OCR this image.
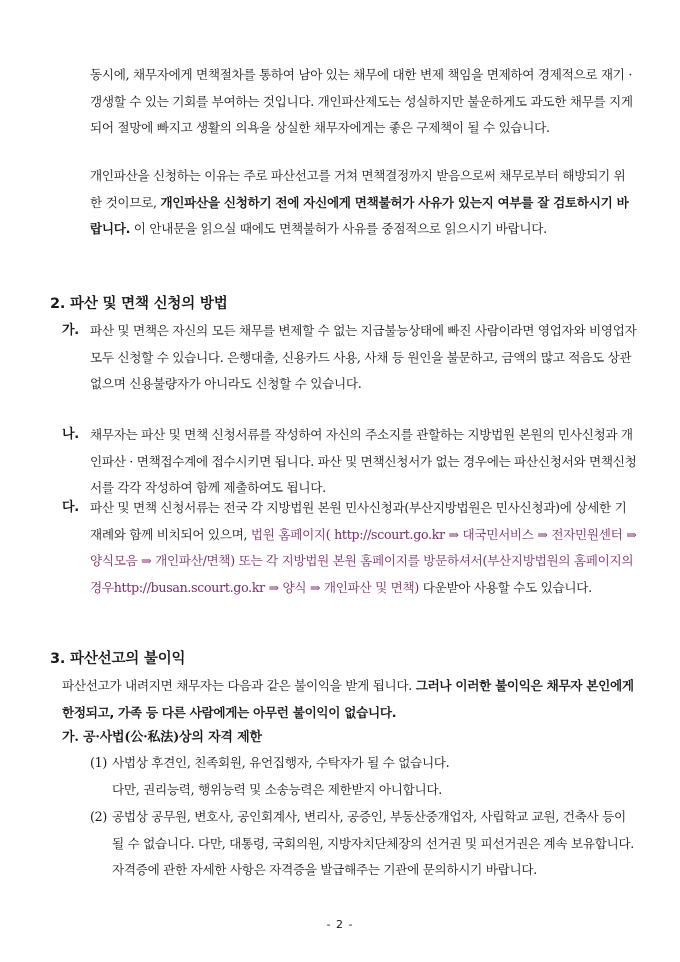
동시에, 채무자에게 면책절차를 통하여 남아 있는 채무에 대한 변제 책임을 면제하여 경제적으로 재기 · 갱생할 수 있는 기회를 부여하는 것입니다. 개인파산제도는 성실하지만 불운하게도 과도한 채무를 지게 되어 절망에 빠지고 생활의 의욕을 상실한 채무자에게는 좋은 구제책이 될 수 있습니다.
개인파산을 신청하는 이유는 주로 파산선고를 거쳐 면책결정까지 받음으로써 채무로부터 해방되기 위한 것이므로, 개인파산을 신청하기 전에 자신에게 면책불허가 사유가 있는지 여부를 잘 검토하시기 바랍니다. 이 안내문을 읽으실 때에도 면책불허가 사유를 중점적으로 읽으시기 바랍니다.
2. 파산 및 면책 신청의 방법
가. 파산 및 면책은 자신의 모든 채무를 변제할 수 없는 지급불능상태에 빠진 사람이라면 영업자와 비영업자 모두 신청할 수 있습니다. 은행대출, 신용카드 사용, 사채 등 원인을 불문하고, 금액의 많고 적음도 상관없으며 신용불량자가 아니라도 신청할 수 있습니다.
나. 채무자는 파산 및 면책 신청서류를 작성하여 자신의 주소지를 관할하는 지방법원 본원의 민사신청과 개인파산 · 면책접수계에 접수시키면 됩니다. 파산 및 면책신청서가 없는 경우에는 파산신청서와 면책신청서를 각각 작성하여 함께 제출하여도 됩니다.
다. 파산 및 면책 신청서류는 전국 각 지방법원 본원 민사신청과(부산지방법원은 민사신청과)에 상세한 기재례와 함께 비치되어 있으며, 법원 홈페이지( http://scourt.go.kr ⇒ 대국민서비스 ⇒ 전자민원센터 ⇒ 양식모음 ⇒ 개인파산/면책) 또는 각 지방법원 본원 홈페이지를 방문하셔서(부산지방법원의 홈페이지의 경우http://busan.scourt.go.kr ⇒ 양식 ⇒ 개인파산 및 면책) 다운받아 사용할 수도 있습니다.
3. 파산선고의 불이익
파산선고가 내려지면 채무자는 다음과 같은 불이익을 받게 됩니다. 그러나 이러한 불이익은 채무자 본인에게 한정되고, 가족 등 다른 사람에게는 아무런 불이익이 없습니다.
가. 공·사법(公·私法)상의 자격 제한
(1) 사법상 후견인, 친족회원, 유언집행자, 수탁자가 될 수 없습니다.
다만, 권리능력, 행위능력 및 소송능력은 제한받지 아니합니다.
(2) 공법상 공무원, 변호사, 공인회계사, 변리사, 공증인, 부동산중개업자, 사립학교 교원, 건축사 등이 될 수 없습니다. 다만, 대통령, 국회의원, 지방자치단체장의 선거권 및 피선거권은 계속 보유합니다. 자격증에 관한 자세한 사항은 자격증을 발급해주는 기관에 문의하시기 바랍니다.
- 2 -
